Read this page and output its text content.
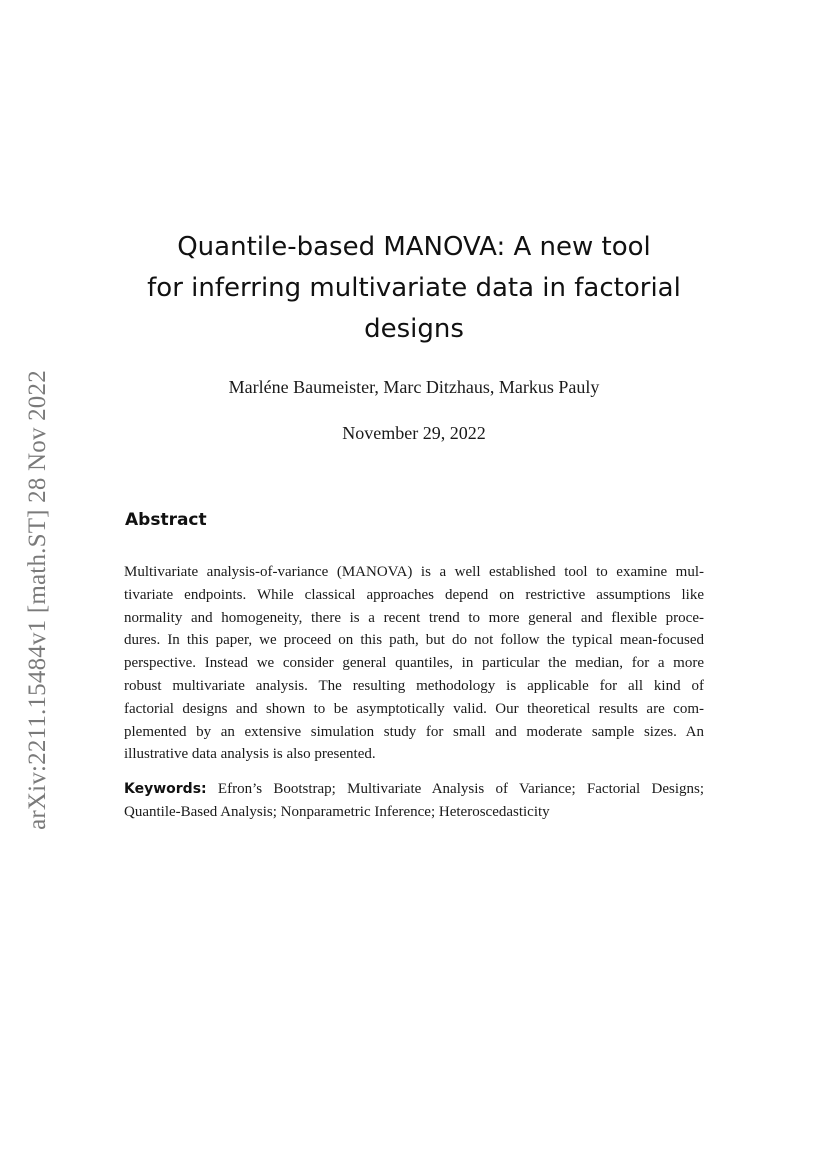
arXiv:2211.15484v1 [math.ST] 28 Nov 2022
Quantile-based MANOVA: A new tool
for inferring multivariate data in factorial
designs
Marléne Baumeister, Marc Ditzhaus, Markus Pauly
November 29, 2022
Abstract
Multivariate analysis-of-variance (MANOVA) is a well established tool to examine mul-
tivariate endpoints. While classical approaches depend on restrictive assumptions like
normality and homogeneity, there is a recent trend to more general and flexible proce-
dures. In this paper, we proceed on this path, but do not follow the typical mean-focused
perspective. Instead we consider general quantiles, in particular the median, for a more
robust multivariate analysis. The resulting methodology is applicable for all kind of
factorial designs and shown to be asymptotically valid. Our theoretical results are com-
plemented by an extensive simulation study for small and moderate sample sizes. An
illustrative data analysis is also presented.
Keywords: Efron’s Bootstrap; Multivariate Analysis of Variance; Factorial Designs;
Quantile-Based Analysis; Nonparametric Inference; Heteroscedasticity
